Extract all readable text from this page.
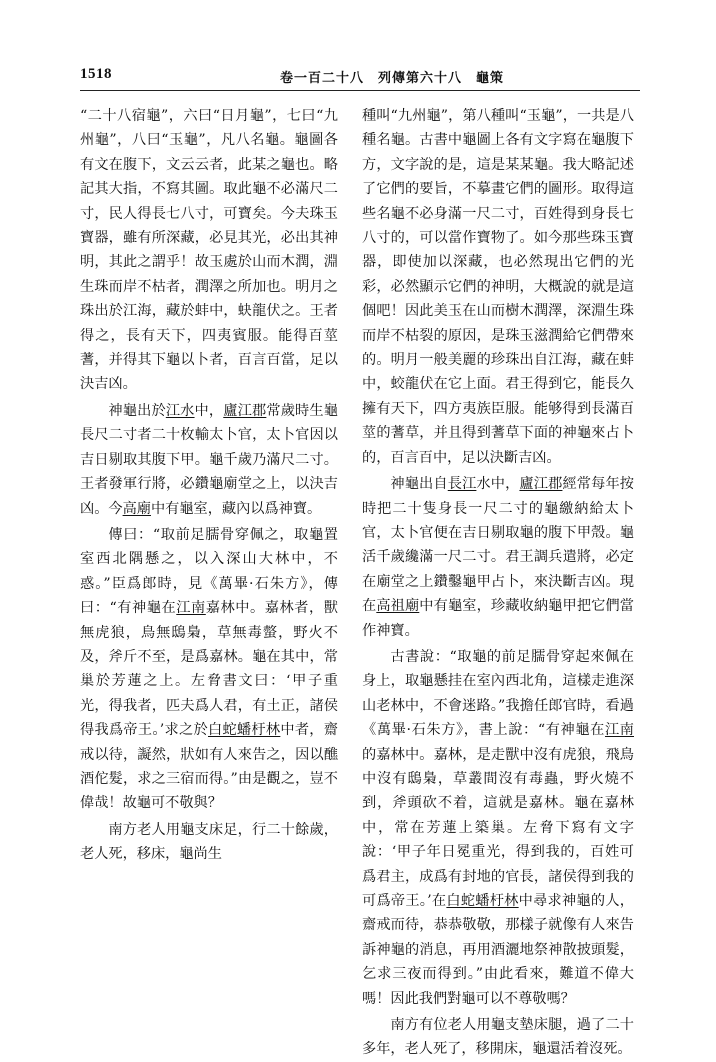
1518	卷一百二十八　列傳第六十八　龜策

“二十八宿龜”，六曰“日月龜”，七曰“九州龜”，八曰“玉龜”，凡八名龜。龜圖各有文在腹下，文云云者，此某之龜也。略記其大指，不寫其圖。取此龜不必滿尺二寸，民人得長七八寸，可寶矣。今夫珠玉寶器，雖有所深藏，必見其光，必出其神明，其此之謂乎！故玉處於山而木潤，淵生珠而岸不枯者，潤澤之所加也。明月之珠出於江海，藏於蚌中，蚗龍伏之。王者得之，長有天下，四夷賓服。能得百莖蓍，并得其下龜以卜者，百言百當，足以決吉凶。

神龜出於江水中，廬江郡常歲時生龜長尺二寸者二十枚輸太卜官，太卜官因以吉日剔取其腹下甲。龜千歲乃滿尺二寸。王者發軍行將，必鑽龜廟堂之上，以決吉凶。今高廟中有龜室，藏內以爲神寶。

傳曰：“取前足臑骨穿佩之，取龜置室西北隅懸之，以入深山大林中，不惑。”臣爲郎時，見《萬畢·石朱方》，傳曰：“有神龜在江南嘉林中。嘉林者，獸無虎狼，鳥無鴟梟，草無毒螫，野火不及，斧斤不至，是爲嘉林。龜在其中，常巢於芳蓮之上。左脅書文曰：‘甲子重光，得我者，匹夫爲人君，有土正，諸侯得我爲帝王。’求之於白蛇蟠杅林中者，齋戒以待，譺然，狀如有人來告之，因以醮酒佗髮，求之三宿而得。”由是觀之，豈不偉哉！故龜可不敬與？

南方老人用龜支床足，行二十餘歲，老人死，移床，龜尚生

種叫“九州龜”，第八種叫“玉龜”，一共是八種名龜。古書中龜圖上各有文字寫在龜腹下方，文字說的是，這是某某龜。我大略記述了它們的要旨，不摹畫它們的圖形。取得這些名龜不必身滿一尺二寸，百姓得到身長七八寸的，可以當作寶物了。如今那些珠玉寶器，即使加以深藏，也必然現出它們的光彩，必然顯示它們的神明，大概說的就是這個吧！因此美玉在山而樹木潤澤，深淵生珠而岸不枯裂的原因，是珠玉滋潤給它們帶來的。明月一般美麗的珍珠出自江海，藏在蚌中，蛟龍伏在它上面。君王得到它，能長久擁有天下，四方夷族臣服。能够得到長滿百莖的蓍草，并且得到蓍草下面的神龜來占卜的，百言百中，足以決斷吉凶。

神龜出自長江水中，廬江郡經常每年按時把二十隻身長一尺二寸的龜繳納給太卜官，太卜官便在吉日剔取龜的腹下甲殼。龜活千歲纔滿一尺二寸。君王調兵遣將，必定在廟堂之上鑽鑿龜甲占卜，來決斷吉凶。現在高祖廟中有龜室，珍藏收納龜甲把它們當作神寶。

古書說：“取龜的前足臑骨穿起來佩在身上，取龜懸挂在室內西北角，這樣走進深山老林中，不會迷路。”我擔任郎官時，看過《萬畢·石朱方》，書上說：“有神龜在江南的嘉林中。嘉林，是走獸中沒有虎狼，飛鳥中沒有鴟梟，草叢間沒有毒蟲，野火燒不到，斧頭砍不着，這就是嘉林。龜在嘉林中，常在芳蓮上築巢。左脅下寫有文字說：‘甲子年日冕重光，得到我的，百姓可爲君主，成爲有封地的官長，諸侯得到我的可爲帝王。’在白蛇蟠杅林中尋求神龜的人，齋戒而待，恭恭敬敬，那樣子就像有人來告訴神龜的消息，再用酒灑地祭神散披頭髮，乞求三夜而得到。”由此看來，難道不偉大嗎！因此我們對龜可以不尊敬嗎？

南方有位老人用龜支墊床腿，過了二十多年，老人死了，移開床，龜還活着沒死。
